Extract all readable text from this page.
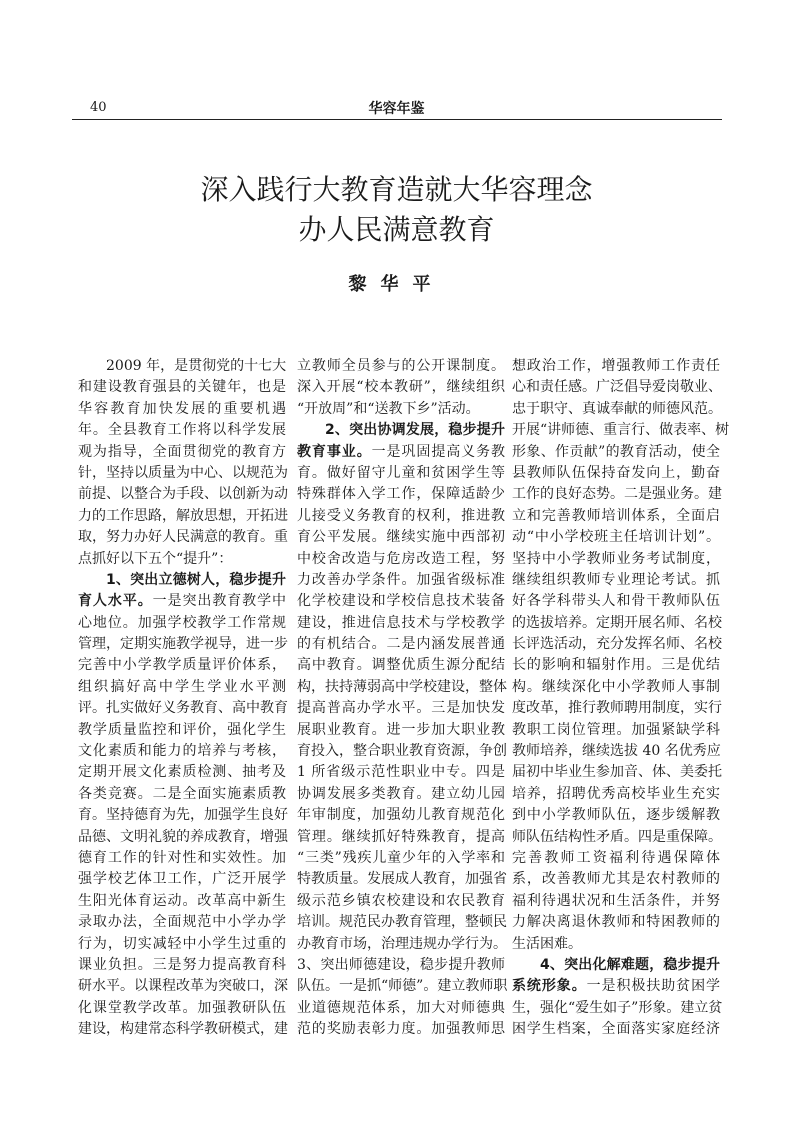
40	华容年鉴
深入践行大教育造就大华容理念
办人民满意教育
黎华平
2009 年，是贯彻党的十七大
和建设教育强县的关键年，也是
华容教育加快发展的重要机遇
年。全县教育工作将以科学发展
观为指导，全面贯彻党的教育方
针，坚持以质量为中心、以规范为
前提、以整合为手段、以创新为动
力的工作思路，解放思想，开拓进
取，努力办好人民满意的教育。重
点抓好以下五个“提升”：
1、突出立德树人，稳步提升
育人水平。一是突出教育教学中
心地位。加强学校教学工作常规
管理，定期实施教学视导，进一步
完善中小学教学质量评价体系，
组织搞好高中学生学业水平测
评。扎实做好义务教育、高中教育
教学质量监控和评价，强化学生
文化素质和能力的培养与考核，
定期开展文化素质检测、抽考及
各类竞赛。二是全面实施素质教
育。坚持德育为先，加强学生良好
品德、文明礼貌的养成教育，增强
德育工作的针对性和实效性。加
强学校艺体卫工作，广泛开展学
生阳光体育运动。改革高中新生
录取办法，全面规范中小学办学
行为，切实减轻中小学生过重的
课业负担。三是努力提高教育科
研水平。以课程改革为突破口，深
化课堂教学改革。加强教研队伍
建设，构建常态科学教研模式，建
立教师全员参与的公开课制度。
深入开展“校本教研”，继续组织
“开放周”和“送教下乡”活动。
2、突出协调发展，稳步提升
教育事业。一是巩固提高义务教
育。做好留守儿童和贫困学生等
特殊群体入学工作，保障适龄少
儿接受义务教育的权利，推进教
育公平发展。继续实施中西部初
中校舍改造与危房改造工程，努
力改善办学条件。加强省级标准
化学校建设和学校信息技术装备
建设，推进信息技术与学校教学
的有机结合。二是内涵发展普通
高中教育。调整优质生源分配结
构，扶持薄弱高中学校建设，整体
提高普高办学水平。三是加快发
展职业教育。进一步加大职业教
育投入，整合职业教育资源，争创
1 所省级示范性职业中专。四是
协调发展多类教育。建立幼儿园
年审制度，加强幼儿教育规范化
管理。继续抓好特殊教育，提高
“三类”残疾儿童少年的入学率和
特教质量。发展成人教育，加强省
级示范乡镇农校建设和农民教育
培训。规范民办教育管理，整顿民
办教育市场，治理违规办学行为。
3、突出师德建设，稳步提升教师
队伍。一是抓“师德”。建立教师职
业道德规范体系，加大对师德典
范的奖励表彰力度。加强教师思
想政治工作，增强教师工作责任
心和责任感。广泛倡导爱岗敬业、
忠于职守、真诚奉献的师德风范。
开展“讲师德、重言行、做表率、树
形象、作贡献”的教育活动，使全
县教师队伍保持奋发向上，勤奋
工作的良好态势。二是强业务。建
立和完善教师培训体系，全面启
动“中小学校班主任培训计划”。
坚持中小学教师业务考试制度，
继续组织教师专业理论考试。抓
好各学科带头人和骨干教师队伍
的选拔培养。定期开展名师、名校
长评选活动，充分发挥名师、名校
长的影响和辐射作用。三是优结
构。继续深化中小学教师人事制
度改革，推行教师聘用制度，实行
教职工岗位管理。加强紧缺学科
教师培养，继续选拔 40 名优秀应
届初中毕业生参加音、体、美委托
培养，招聘优秀高校毕业生充实
到中小学教师队伍，逐步缓解教
师队伍结构性矛盾。四是重保障。
完善教师工资福利待遇保障体
系，改善教师尤其是农村教师的
福利待遇状况和生活条件，并努
力解决离退休教师和特困教师的
生活困难。
4、突出化解难题，稳步提升
系统形象。一是积极扶助贫困学
生，强化“爱生如子”形象。建立贫
困学生档案，全面落实家庭经济
